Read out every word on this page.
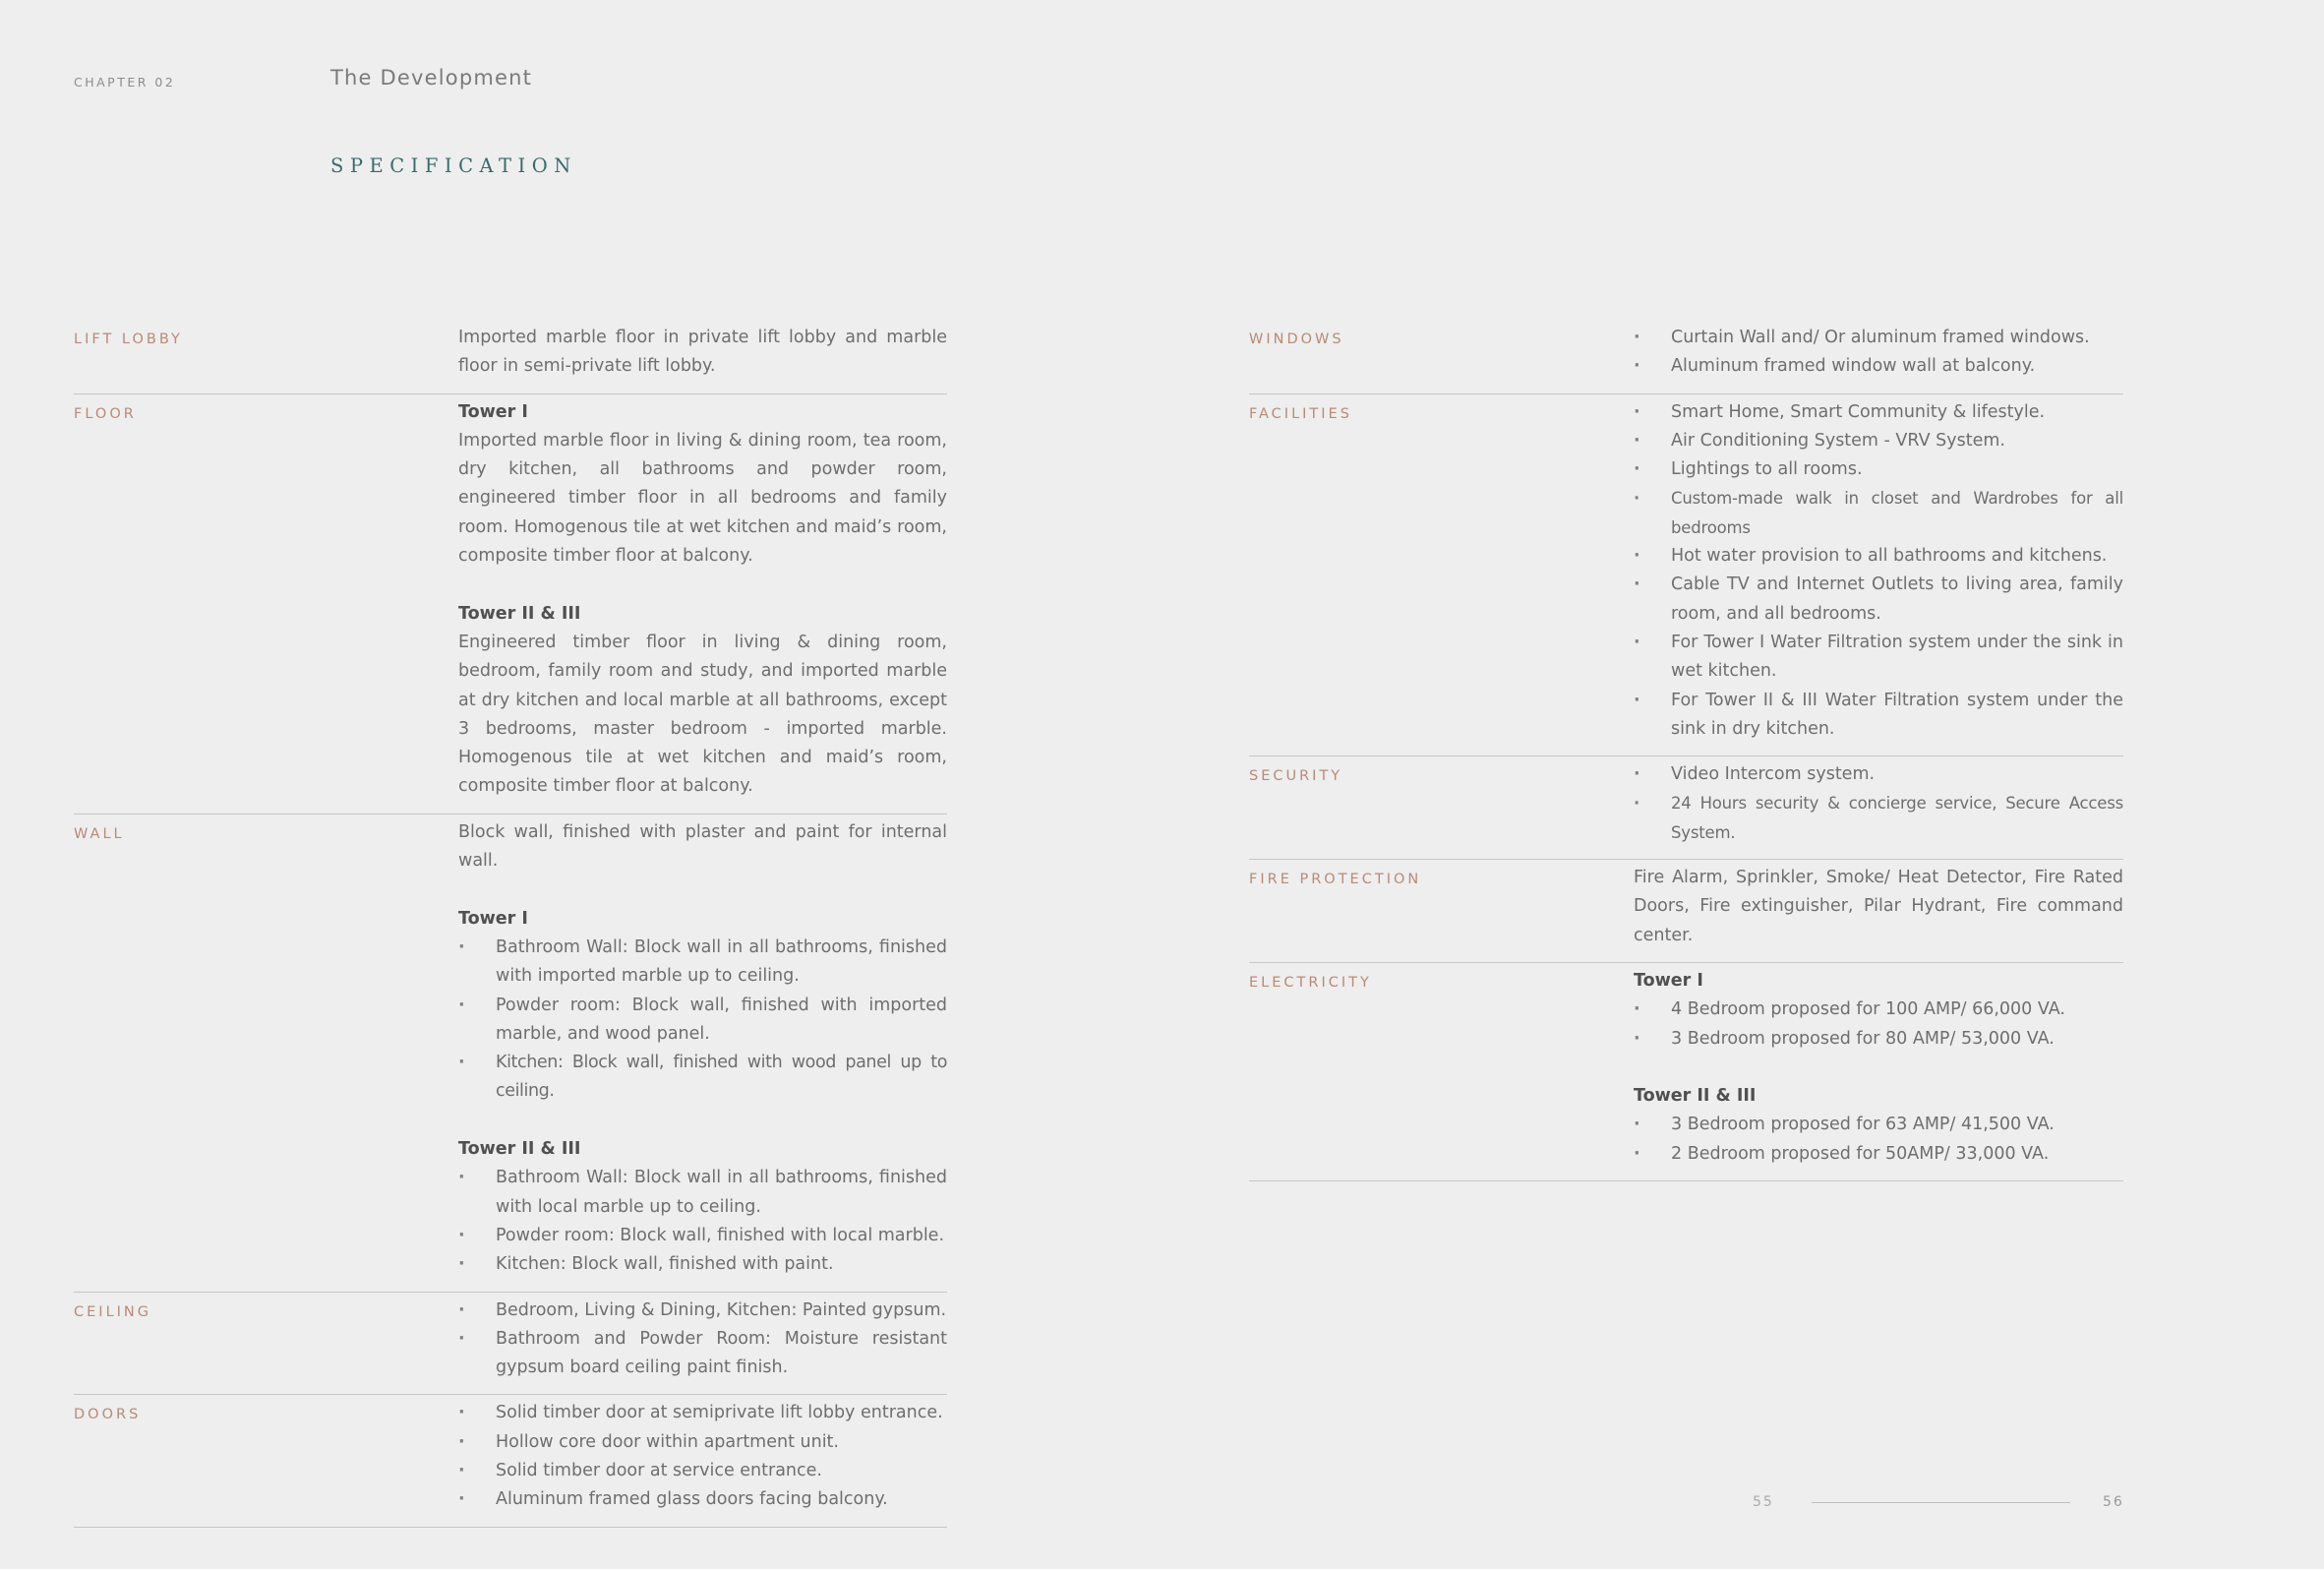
CHAPTER 02	The Development
SPECIFICATION
LIFT LOBBY	Imported marble floor in private lift lobby and marble floor in semi-private lift lobby.

FLOOR	Tower I

Imported marble floor in living & dining room, tea room, dry kitchen, all bathrooms and powder room, engineered timber floor in all bedrooms and family room. Homogenous tile at wet kitchen and maid’s room, composite timber floor at balcony.

Tower II & III

Engineered timber floor in living & dining room, bedroom, family room and study, and imported marble at dry kitchen and local marble at all bathrooms, except 3 bedrooms, master bedroom - imported marble. Homogenous tile at wet kitchen and maid’s room, composite timber floor at balcony.

WALL	Block wall, finished with plaster and paint for internal wall.

Tower I
· Bathroom Wall: Block wall in all bathrooms, finished with imported marble up to ceiling.
· Powder room: Block wall, finished with imported marble, and wood panel.
· Kitchen: Block wall, finished with wood panel up to ceiling.
Tower II & III
· Bathroom Wall: Block wall in all bathrooms, finished with local marble up to ceiling.
· Powder room: Block wall, finished with local marble.
· Kitchen: Block wall, finished with paint.
CEILING	· Bedroom, Living & Dining, Kitchen: Painted gypsum.
· Bathroom and Powder Room: Moisture resistant gypsum board ceiling paint finish.
DOORS	· Solid timber door at semiprivate lift lobby entrance.
· Hollow core door within apartment unit.
· Solid timber door at service entrance.
· Aluminum framed glass doors facing balcony.
WINDOWS	· Curtain Wall and/ Or aluminum framed windows.
· Aluminum framed window wall at balcony.
FACILITIES	· Smart Home, Smart Community & lifestyle.
· Air Conditioning System - VRV System.
· Lightings to all rooms.
· Custom-made walk in closet and Wardrobes for all bedrooms
· Hot water provision to all bathrooms and kitchens.
· Cable TV and Internet Outlets to living area, family room, and all bedrooms.
· For Tower I Water Filtration system under the sink in wet kitchen.
· For Tower II & III Water Filtration system under the sink in dry kitchen.
SECURITY	· Video Intercom system.
· 24 Hours security & concierge service, Secure Access System.
FIRE PROTECTION	Fire Alarm, Sprinkler, Smoke/ Heat Detector, Fire Rated Doors, Fire extinguisher, Pilar Hydrant, Fire command center.

ELECTRICITY	Tower I
· 4 Bedroom proposed for 100 AMP/ 66,000 VA.
· 3 Bedroom proposed for 80 AMP/ 53,000 VA.
Tower II & III
· 3 Bedroom proposed for 63 AMP/ 41,500 VA.
· 2 Bedroom proposed for 50AMP/ 33,000 VA.
55	56
